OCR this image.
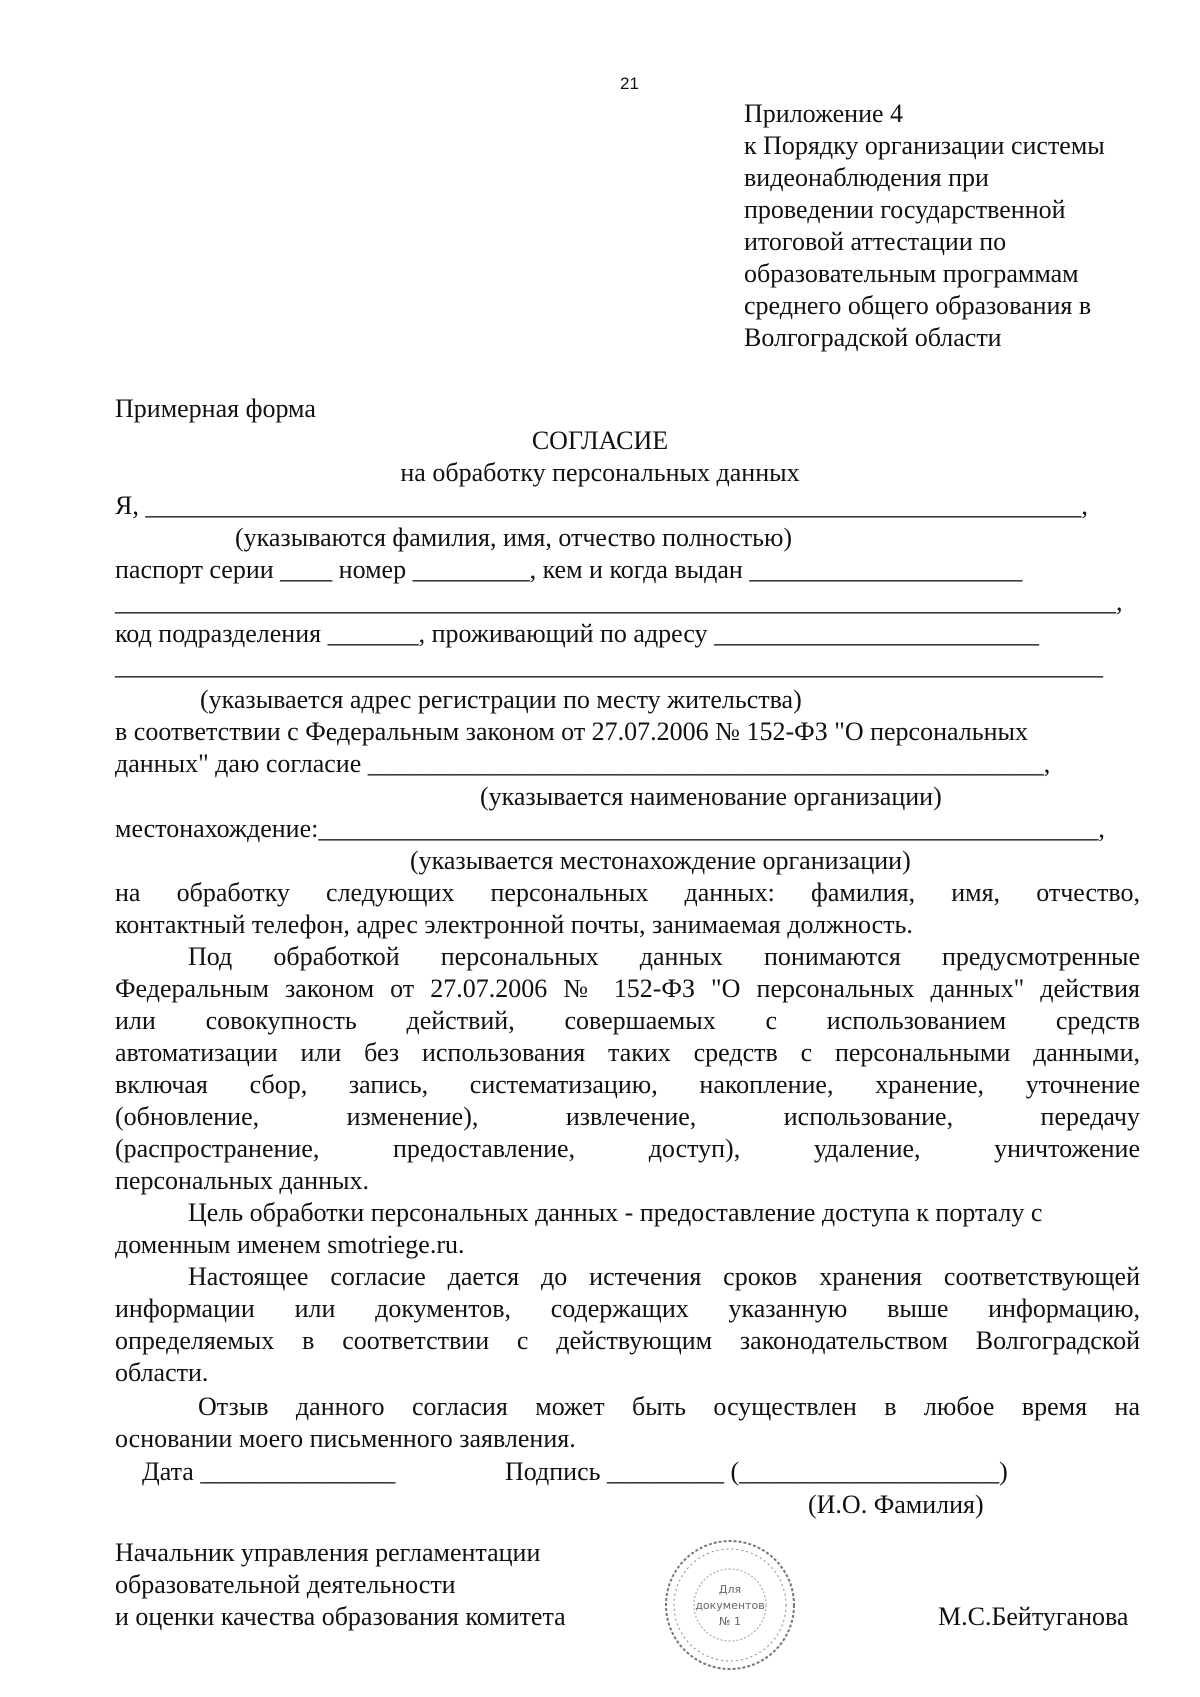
21
Приложение 4
к Порядку организации системы
видеонаблюдения при
проведении государственной
итоговой аттестации по
образовательным программам
среднего общего образования в
Волгоградской области
Примерная форма
СОГЛАСИЕ
на обработку персональных данных
Я, ________________________________________________________________________,
(указываются фамилия, имя, отчество полностью)
паспорт серии ____ номер _________, кем и когда выдан _____________________
_____________________________________________________________________________,
код подразделения _______, проживающий по адресу _________________________
____________________________________________________________________________
(указывается адрес регистрации по месту жительства)
в соответствии с Федеральным законом от 27.07.2006 № 152-ФЗ "О персональных
данных" даю согласие ____________________________________________________,
(указывается наименование организации)
местонахождение:____________________________________________________________,
(указывается местонахождение организации)
на обработку следующих персональных данных: фамилия, имя, отчество,
контактный телефон, адрес электронной почты, занимаемая должность.
Под обработкой персональных данных понимаются предусмотренные
Федеральным законом от 27.07.2006 № 152-ФЗ "О персональных данных" действия
или совокупность действий, совершаемых с использованием средств
автоматизации или без использования таких средств с персональными данными,
включая сбор, запись, систематизацию, накопление, хранение, уточнение
(обновление, изменение), извлечение, использование, передачу
(распространение, предоставление, доступ), удаление, уничтожение
персональных данных.
Цель обработки персональных данных - предоставление доступа к порталу с
доменным именем smotriege.ru.
Настоящее согласие дается до истечения сроков хранения соответствующей
информации или документов, содержащих указанную выше информацию,
определяемых в соответствии с действующим законодательством Волгоградской
области.
Отзыв данного согласия может быть осуществлен в любое время на
основании моего письменного заявления.
Дата _______________	Подпись _________ (____________________)
(И.О. Фамилия)
Начальник управления регламентации
образовательной деятельности
и оценки качества образования комитета	М.С.Бейтуганова
Для
документов
№ 1
